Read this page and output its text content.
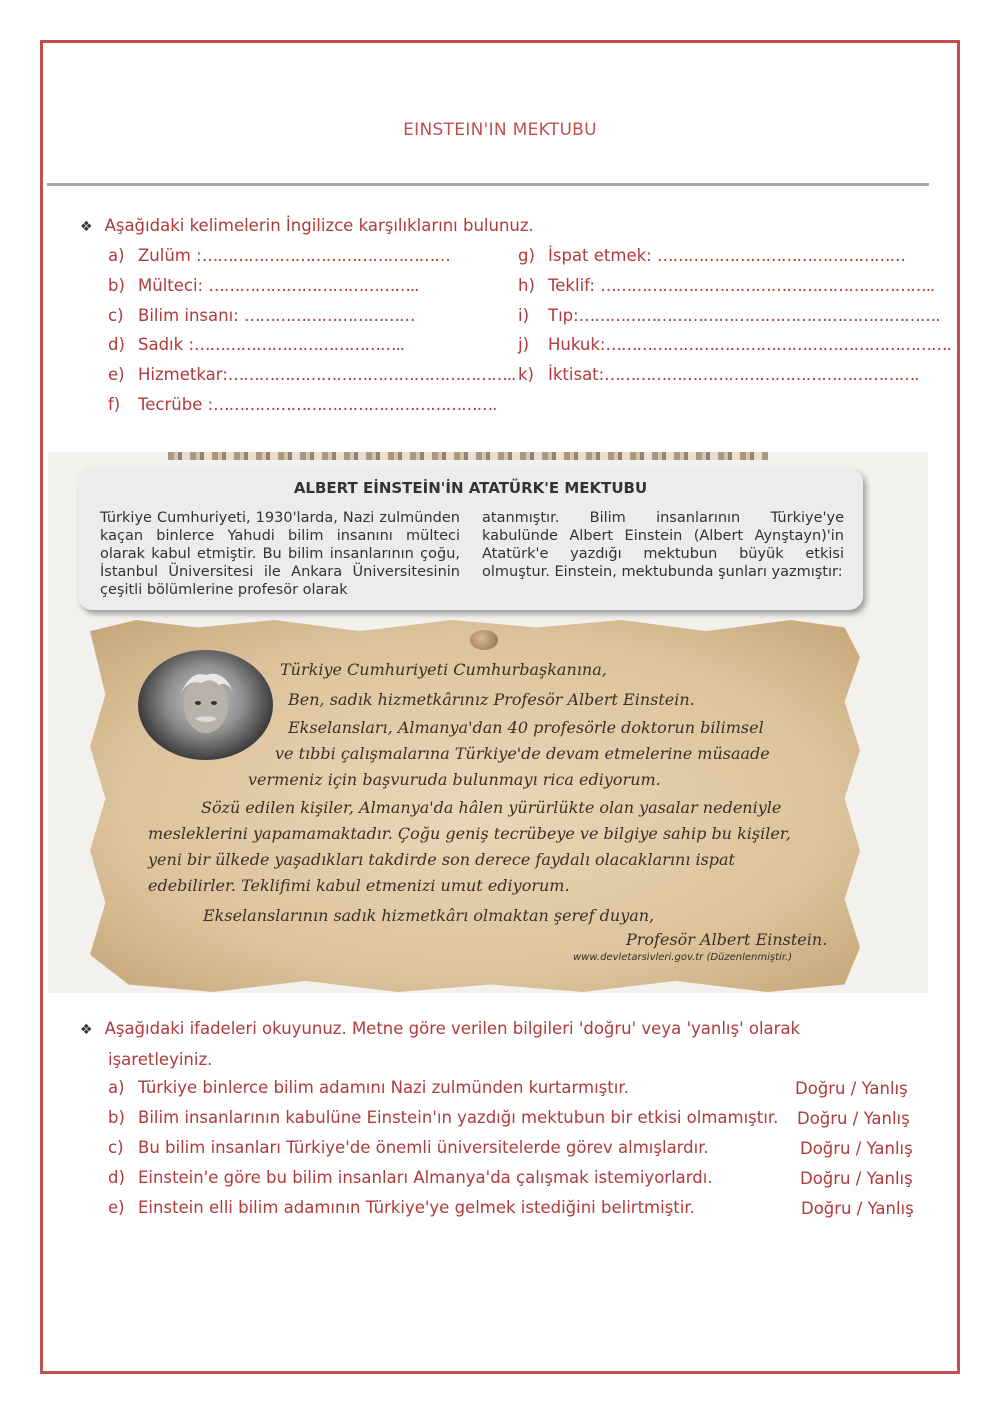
EINSTEIN'IN MEKTUBU
❖ Aşağıdaki kelimelerin İngilizce karşılıklarını bulunuz.
a) Zulüm :…………………………………………
b) Mülteci: …………………………………..
c) Bilim insanı: ……………………………
d) Sadık :…………………………………..
e) Hizmetkar:………………………………………………..
f) Tecrübe :……………………………………………….
g) İspat etmek: …………………………………………
h) Teklif: ………………………………………………………..
i) Tıp:…………………………………………………………….
j) Hukuk:………………………………………………………….
k) İktisat:…………………………………………………….
ALBERT EİNSTEİN'İN ATATÜRK'E MEKTUBU
Türkiye Cumhuriyeti, 1930'larda, Nazi zulmünden kaçan binlerce Yahudi bilim insanını mülteci olarak kabul etmiştir. Bu bilim insanlarının çoğu, İstanbul Üniversitesi ile Ankara Üniversitesinin çeşitli bölümlerine profesör olarak
atanmıştır. Bilim insanlarının Türkiye'ye kabulünde Albert Einstein (Albert Aynştayn)'in Atatürk'e yazdığı mektubun büyük etkisi olmuştur. Einstein, mektubunda şunları yazmıştır:
Türkiye Cumhuriyeti Cumhurbaşkanına,
Ben, sadık hizmetkârınız Profesör Albert Einstein.
Ekselansları, Almanya'dan 40 profesörle doktorun bilimsel
ve tıbbi çalışmalarına Türkiye'de devam etmelerine müsaade
vermeniz için başvuruda bulunmayı rica ediyorum.
Sözü edilen kişiler, Almanya'da hâlen yürürlükte olan yasalar nedeniyle
mesleklerini yapamamaktadır. Çoğu geniş tecrübeye ve bilgiye sahip bu kişiler,
yeni bir ülkede yaşadıkları takdirde son derece faydalı olacaklarını ispat
edebilirler. Teklifimi kabul etmenizi umut ediyorum.
Ekselanslarının sadık hizmetkârı olmaktan şeref duyan,
Profesör Albert Einstein.
www.devletarsivleri.gov.tr (Düzenlenmiştir.)
❖ Aşağıdaki ifadeleri okuyunuz. Metne göre verilen bilgileri 'doğru' veya 'yanlış' olarak
işaretleyiniz.
a) Türkiye binlerce bilim adamını Nazi zulmünden kurtarmıştır.	Doğru / Yanlış
b) Bilim insanlarının kabulüne Einstein'ın yazdığı mektubun bir etkisi olmamıştır. Doğru / Yanlış
c) Bu bilim insanları Türkiye'de önemli üniversitelerde görev almışlardır.	Doğru / Yanlış
d) Einstein'e göre bu bilim insanları Almanya'da çalışmak istemiyorlardı.	Doğru / Yanlış
e) Einstein elli bilim adamının Türkiye'ye gelmek istediğini belirtmiştir.	Doğru / Yanlış
